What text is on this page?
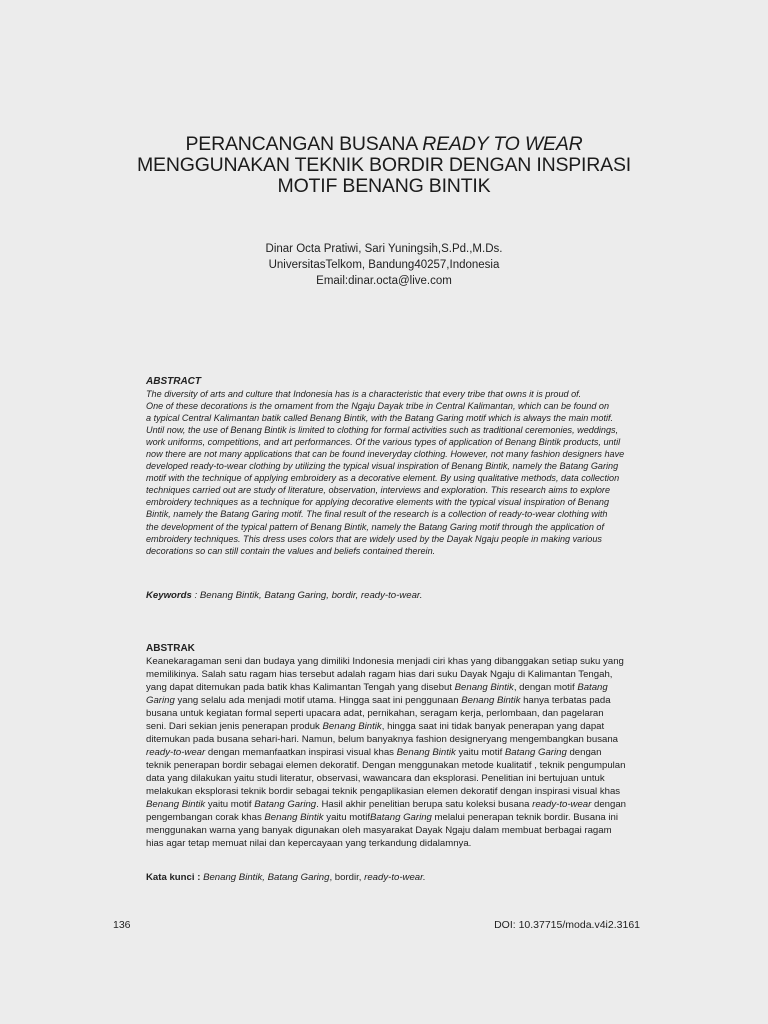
PERANCANGAN BUSANA READY TO WEAR
MENGGUNAKAN TEKNIK BORDIR DENGAN INSPIRASI
MOTIF BENANG BINTIK
Dinar Octa Pratiwi, Sari Yuningsih,S.Pd.,M.Ds.
UniversitasTelkom, Bandung40257,Indonesia
Email:dinar.octa@live.com
ABSTRACT
The diversity of arts and culture that Indonesia has is a characteristic that every tribe that owns it is proud of.
One of these decorations is the ornament from the Ngaju Dayak tribe in Central Kalimantan, which can be found on
a typical Central Kalimantan batik called Benang Bintik, with the Batang Garing motif which is always the main motif.
Until now, the use of Benang Bintik is limited to clothing for formal activities such as traditional ceremonies, weddings,
work uniforms, competitions, and art performances. Of the various types of application of Benang Bintik products, until
now there are not many applications that can be found ineveryday clothing. However, not many fashion designers have
developed ready-to-wear clothing by utilizing the typical visual inspiration of Benang Bintik, namely the Batang Garing
motif with the technique of applying embroidery as a decorative element. By using qualitative methods, data collection
techniques carried out are study of literature, observation, interviews and exploration. This research aims to explore
embroidery techniques as a technique for applying decorative elements with the typical visual inspiration of Benang
Bintik, namely the Batang Garing motif. The final result of the research is a collection of ready-to-wear clothing with
the development of the typical pattern of Benang Bintik, namely the Batang Garing motif through the application of
embroidery techniques. This dress uses colors that are widely used by the Dayak Ngaju people in making various
decorations so can still contain the values and beliefs contained therein.
Keywords : Benang Bintik, Batang Garing, bordir, ready-to-wear.
ABSTRAK
Keanekaragaman seni dan budaya yang dimiliki Indonesia menjadi ciri khas yang dibanggakan setiap suku yang
memilikinya. Salah satu ragam hias tersebut adalah ragam hias dari suku Dayak Ngaju di Kalimantan Tengah,
yang dapat ditemukan pada batik khas Kalimantan Tengah yang disebut Benang Bintik, dengan motif Batang
Garing yang selalu ada menjadi motif utama. Hingga saat ini penggunaan Benang Bintik hanya terbatas pada
busana untuk kegiatan formal seperti upacara adat, pernikahan, seragam kerja, perlombaan, dan pagelaran
seni. Dari sekian jenis penerapan produk Benang Bintik, hingga saat ini tidak banyak penerapan yang dapat
ditemukan pada busana sehari-hari. Namun, belum banyaknya fashion designeryang mengembangkan busana
ready-to-wear dengan memanfaatkan inspirasi visual khas Benang Bintik yaitu motif Batang Garing dengan
teknik penerapan bordir sebagai elemen dekoratif. Dengan menggunakan metode kualitatif , teknik pengumpulan
data yang dilakukan yaitu studi literatur, observasi, wawancara dan eksplorasi. Penelitian ini bertujuan untuk
melakukan eksplorasi teknik bordir sebagai teknik pengaplikasian elemen dekoratif dengan inspirasi visual khas
Benang Bintik yaitu motif Batang Garing. Hasil akhir penelitian berupa satu koleksi busana ready-to-wear dengan
pengembangan corak khas Benang Bintik yaitu motifBatang Garing melalui penerapan teknik bordir. Busana ini
menggunakan warna yang banyak digunakan oleh masyarakat Dayak Ngaju dalam membuat berbagai ragam
hias agar tetap memuat nilai dan kepercayaan yang terkandung didalamnya.
Kata kunci : Benang Bintik, Batang Garing, bordir, ready-to-wear.
136	DOI: 10.37715/moda.v4i2.3161
